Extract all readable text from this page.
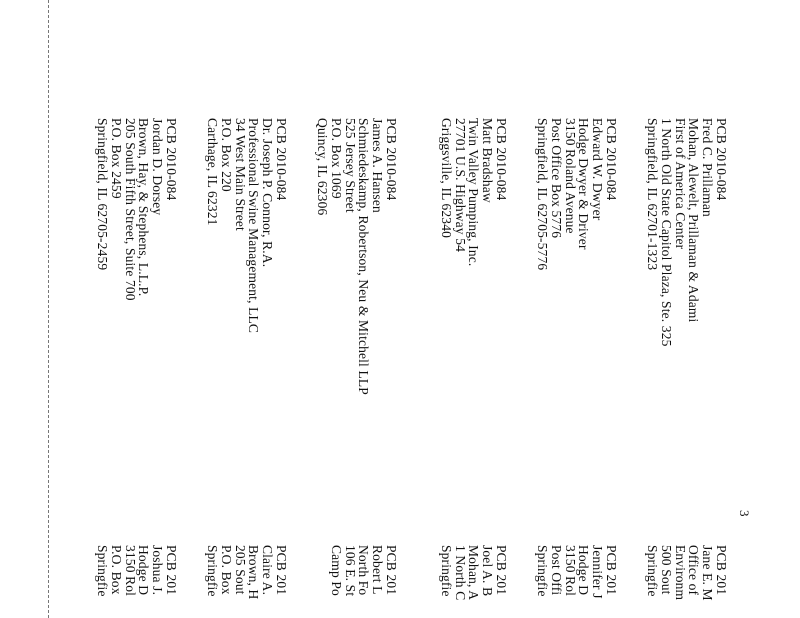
3
PCB 2010-084
Fred C. Prillaman
Mohan, Alewelt, Prillaman & Adami
First of America Center
1 North Old State Capitol Plaza, Ste. 325
Springfield, IL 62701-1323
PCB 2010-084
Edward W. Dwyer
Hodge Dwyer & Driver
3150 Roland Avenue
Post Office Box 5776
Springfield, IL 62705-5776
PCB 2010-084
Matt Bradshaw
Twin Valley Pumping, Inc.
27701 U.S. Highway 54
Griggsville, IL 62340
PCB 2010-084
James A. Hansen
Schmiedeskamp, Robertson, Neu & Mitchell LLP
525 Jersey Street
P.O. Box 1069
Quincy, IL 62306
PCB 2010-084
Dr. Joseph P. Connor, R.A.
Professional Swine Management, LLC
34 West Main Street
P.O. Box 220
Carthage, IL 62321
PCB 2010-084
Jordan D. Dorsey
Brown, Hay, & Stephens, L.L.P.
205 South Fifth Street, Suite 700
P.O. Box 2459
Springfield, IL 62705-2459
PCB 201
Jane E. M
Office of
Environm
500 Sout
Springfie
PCB 201
Jennifer J
Hodge D
3150 Rol
Post Offi
Springfie
PCB 201
Joel A. B
Mohan, A
1 North C
Springfie
PCB 201
Robert L
North Fo
106 E. St
Camp Po
PCB 201
Claire A.
Brown, H
205 Sout
P.O. Box
Springfie
PCB 201
Joshua J.
Hodge D
3150 Rol
P.O. Box
Springfie
